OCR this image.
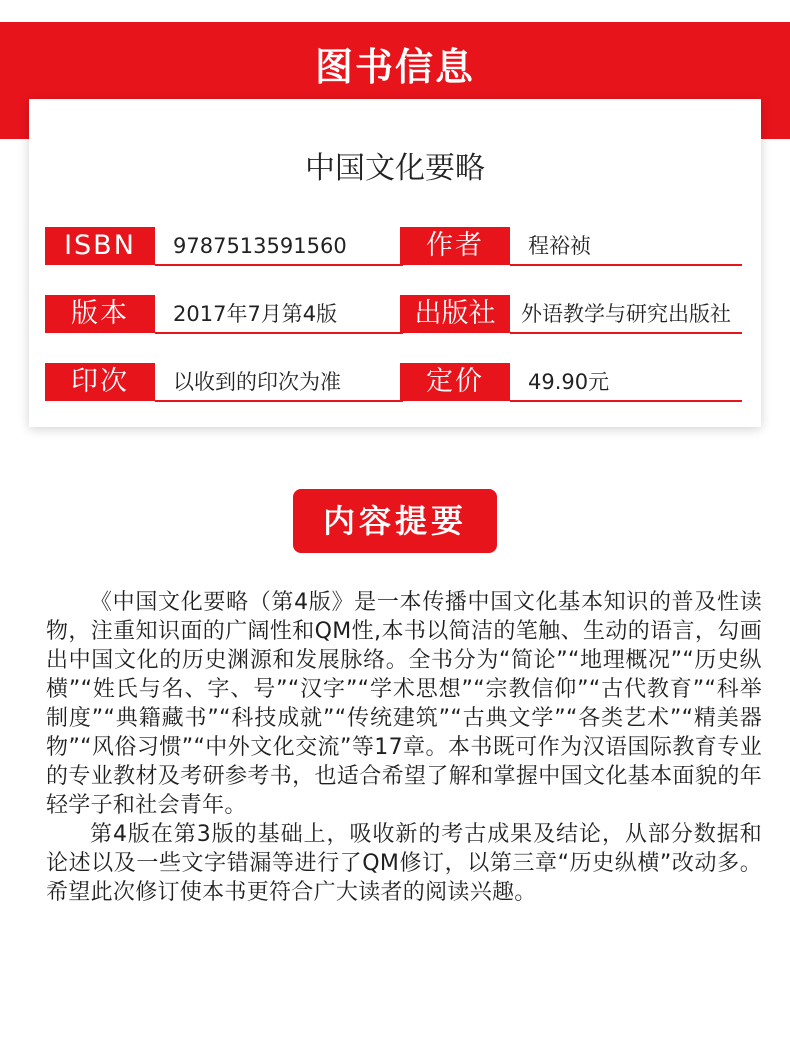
图书信息
中国文化要略
ISBN	9787513591560	作者	程裕祯
版本	2017年7月第4版	出版社	外语教学与研究出版社
印次	以收到的印次为准	定价	49.90元
内容提要

《中国文化要略（第4版》是一本传播中国文化基本知识的普及性读物，注重知识面的广阔性和QM性,本书以简洁的笔触、生动的语言，勾画出中国文化的历史渊源和发展脉络。全书分为“简论”“地理概况”“历史纵横”“姓氏与名、字、号”“汉字”“学术思想”“宗教信仰”“古代教育”“科举制度”“典籍藏书”“科技成就”“传统建筑”“古典文学”“各类艺术”“精美器物”“风俗习惯”“中外文化交流”等17章。本书既可作为汉语国际教育专业的专业教材及考研参考书，也适合希望了解和掌握中国文化基本面貌的年轻学子和社会青年。

第4版在第3版的基础上，吸收新的考古成果及结论，从部分数据和论述以及一些文字错漏等进行了QM修订，以第三章“历史纵横”改动多。希望此次修订使本书更符合广大读者的阅读兴趣。
